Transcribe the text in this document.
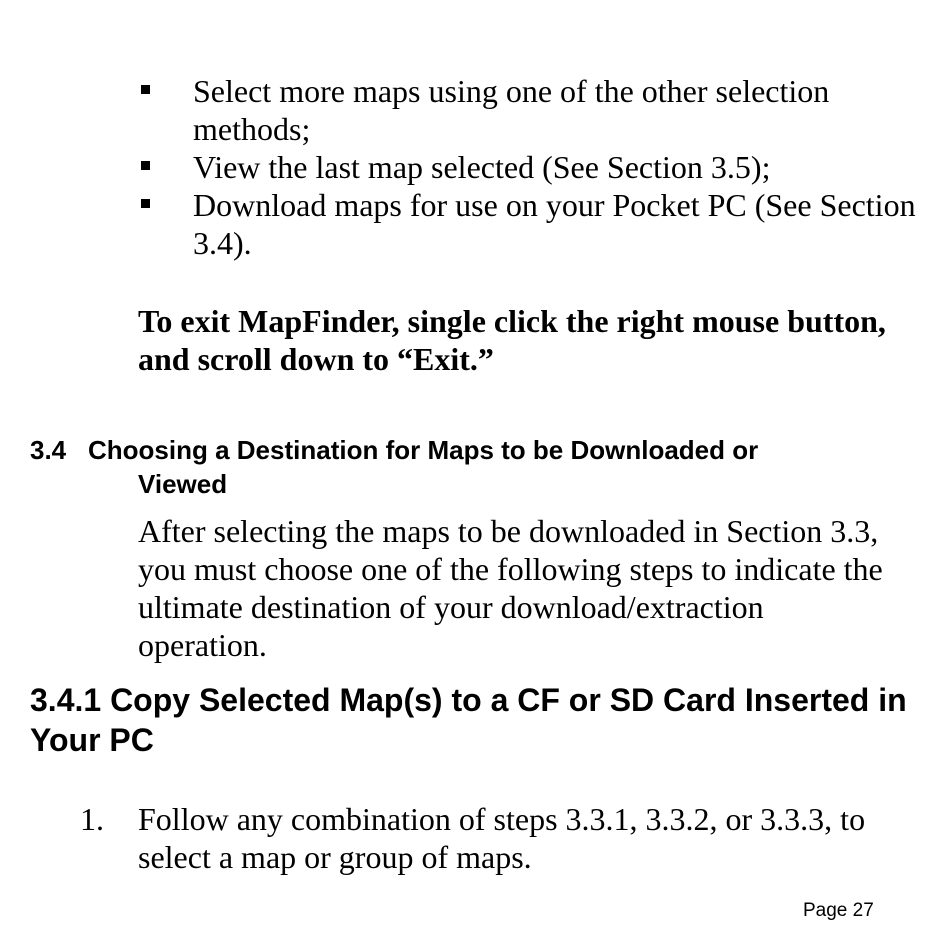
Select more maps using one of the other selection methods;
View the last map selected (See Section 3.5);
Download maps for use on your Pocket PC (See Section 3.4).
To exit MapFinder, single click the right mouse button, and scroll down to “Exit.”
3.4 Choosing a Destination for Maps to be Downloaded or
Viewed
After selecting the maps to be downloaded in Section 3.3, you must choose one of the following steps to indicate the ultimate destination of your download/extraction operation.
3.4.1 Copy Selected Map(s) to a CF or SD Card Inserted in Your PC
1.	Follow any combination of steps 3.3.1, 3.3.2, or 3.3.3, to select a map or group of maps.
Page 27
